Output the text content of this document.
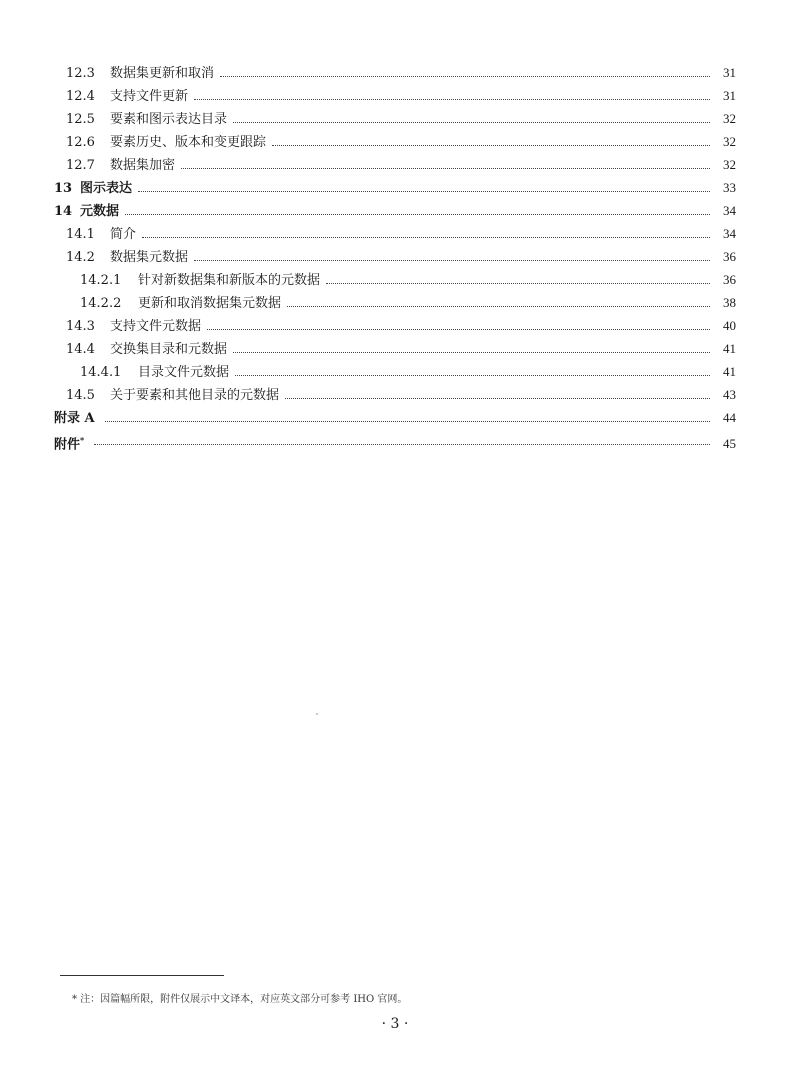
12.3	数据集更新和取消	31
12.4	支持文件更新	31
12.5	要素和图示表达目录	32
12.6	要素历史、版本和变更跟踪	32
12.7	数据集加密	32
13 图示表达	33
14 元数据	34
14.1	简介	34
14.2	数据集元数据	36
14.2.1	针对新数据集和新版本的元数据	36
14.2.2	更新和取消数据集元数据	38
14.3	支持文件元数据	40
14.4	交换集目录和元数据	41
14.4.1	目录文件元数据	41
14.5	关于要素和其他目录的元数据	43
附录 A	44
附件*	45
* 注：因篇幅所限，附件仅展示中文译本，对应英文部分可参考 IHO 官网。
· 3 ·
